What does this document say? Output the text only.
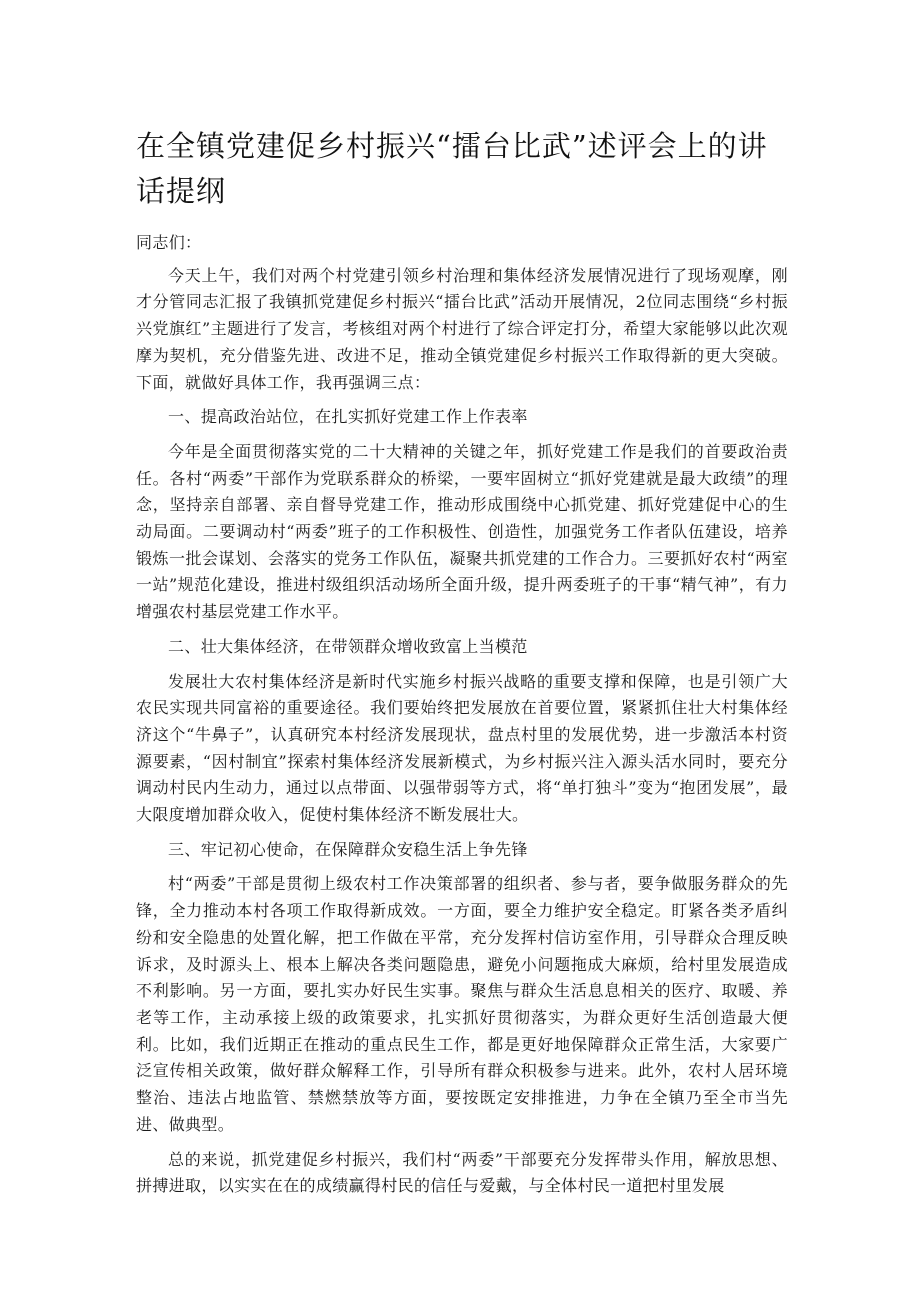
在全镇党建促乡村振兴“擂台比武”述评会上的讲话提纲

同志们：

今天上午，我们对两个村党建引领乡村治理和集体经济发展情况进行了现场观摩，刚才分管同志汇报了我镇抓党建促乡村振兴“擂台比武”活动开展情况，2位同志围绕“乡村振兴党旗红”主题进行了发言，考核组对两个村进行了综合评定打分，希望大家能够以此次观摩为契机，充分借鉴先进、改进不足，推动全镇党建促乡村振兴工作取得新的更大突破。下面，就做好具体工作，我再强调三点：

一、提高政治站位，在扎实抓好党建工作上作表率

今年是全面贯彻落实党的二十大精神的关键之年，抓好党建工作是我们的首要政治责任。各村“两委”干部作为党联系群众的桥梁，一要牢固树立“抓好党建就是最大政绩”的理念，坚持亲自部署、亲自督导党建工作，推动形成围绕中心抓党建、抓好党建促中心的生动局面。二要调动村“两委”班子的工作积极性、创造性，加强党务工作者队伍建设，培养锻炼一批会谋划、会落实的党务工作队伍，凝聚共抓党建的工作合力。三要抓好农村“两室一站”规范化建设，推进村级组织活动场所全面升级，提升两委班子的干事“精气神”，有力增强农村基层党建工作水平。

二、壮大集体经济，在带领群众增收致富上当模范

发展壮大农村集体经济是新时代实施乡村振兴战略的重要支撑和保障，也是引领广大农民实现共同富裕的重要途径。我们要始终把发展放在首要位置，紧紧抓住壮大村集体经济这个“牛鼻子”，认真研究本村经济发展现状，盘点村里的发展优势，进一步激活本村资源要素，“因村制宜”探索村集体经济发展新模式，为乡村振兴注入源头活水同时，要充分调动村民内生动力，通过以点带面、以强带弱等方式，将“单打独斗”变为“抱团发展”，最大限度增加群众收入，促使村集体经济不断发展壮大。

三、牢记初心使命，在保障群众安稳生活上争先锋

村“两委”干部是贯彻上级农村工作决策部署的组织者、参与者，要争做服务群众的先锋，全力推动本村各项工作取得新成效。一方面，要全力维护安全稳定。盯紧各类矛盾纠纷和安全隐患的处置化解，把工作做在平常，充分发挥村信访室作用，引导群众合理反映诉求，及时源头上、根本上解决各类问题隐患，避免小问题拖成大麻烦，给村里发展造成不利影响。另一方面，要扎实办好民生实事。聚焦与群众生活息息相关的医疗、取暖、养老等工作，主动承接上级的政策要求，扎实抓好贯彻落实，为群众更好生活创造最大便利。比如，我们近期正在推动的重点民生工作，都是更好地保障群众正常生活，大家要广泛宣传相关政策，做好群众解释工作，引导所有群众积极参与进来。此外，农村人居环境整治、违法占地监管、禁燃禁放等方面，要按既定安排推进，力争在全镇乃至全市当先进、做典型。

总的来说，抓党建促乡村振兴，我们村“两委”干部要充分发挥带头作用，解放思想、拼搏进取，以实实在在的成绩赢得村民的信任与爱戴，与全体村民一道把村里发展
